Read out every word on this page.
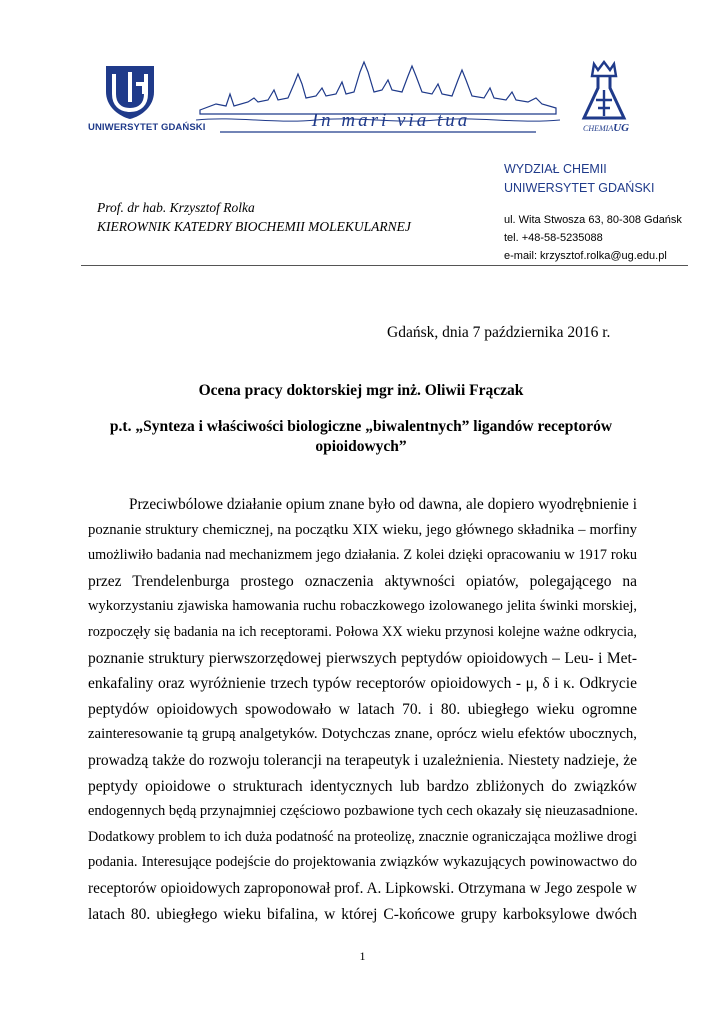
UNIWERSYTET GDAŃSKI	In mari via tua	CHEMIAUG
WYDZIAŁ CHEMII
UNIWERSYTET GDAŃSKI
Prof. dr hab. Krzysztof Rolka
KIEROWNIK KATEDRY BIOCHEMII MOLEKULARNEJ	ul. Wita Stwosza 63, 80-308 Gdańsk
tel. +48-58-5235088
e-mail: krzysztof.rolka@ug.edu.pl
Gdańsk, dnia 7 października 2016 r.
Ocena pracy doktorskiej mgr inż. Oliwii Frączak
p.t. „Synteza i właściwości biologiczne „biwalentnych” ligandów receptorów opioidowych”
Przeciwbólowe działanie opium znane było od dawna, ale dopiero wyodrębnienie i
poznanie struktury chemicznej, na początku XIX wieku, jego głównego składnika – morfiny
umożliwiło badania nad mechanizmem jego działania. Z kolei dzięki opracowaniu w 1917 roku
przez Trendelenburga prostego oznaczenia aktywności opiatów, polegającego na
wykorzystaniu zjawiska hamowania ruchu robaczkowego izolowanego jelita świnki morskiej,
rozpoczęły się badania na ich receptorami. Połowa XX wieku przynosi kolejne ważne odkrycia,
poznanie struktury pierwszorzędowej pierwszych peptydów opioidowych – Leu- i Met-
enkafaliny oraz wyróżnienie trzech typów receptorów opioidowych - μ, δ i κ. Odkrycie
peptydów opioidowych spowodowało w latach 70. i 80. ubiegłego wieku ogromne
zainteresowanie tą grupą analgetyków. Dotychczas znane, oprócz wielu efektów ubocznych,
prowadzą także do rozwoju tolerancji na terapeutyk i uzależnienia. Niestety nadzieje, że
peptydy opioidowe o strukturach identycznych lub bardzo zbliżonych do związków
endogennych będą przynajmniej częściowo pozbawione tych cech okazały się nieuzasadnione.
Dodatkowy problem to ich duża podatność na proteolizę, znacznie ograniczająca możliwe drogi
podania. Interesujące podejście do projektowania związków wykazujących powinowactwo do
receptorów opioidowych zaproponował prof. A. Lipkowski. Otrzymana w Jego zespole w
latach 80. ubiegłego wieku bifalina, w której C-końcowe grupy karboksylowe dwóch
1
